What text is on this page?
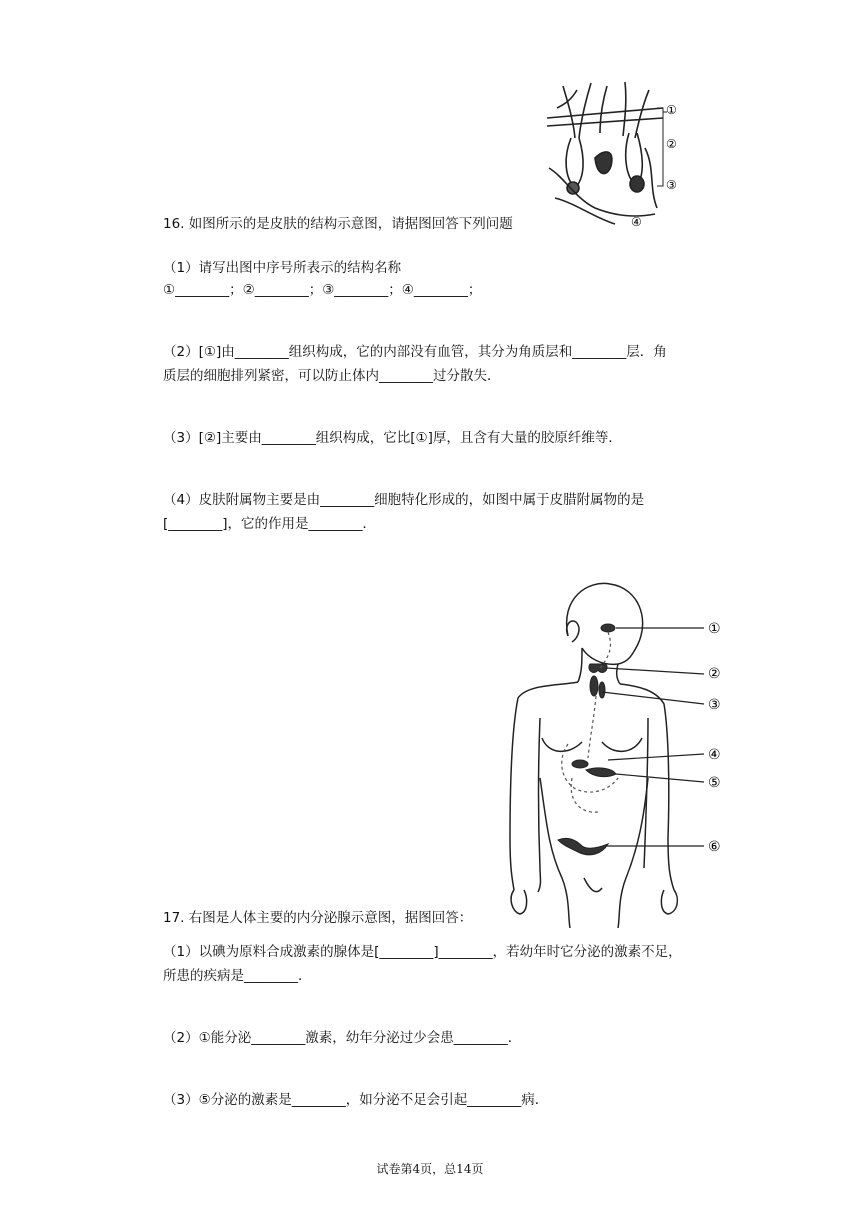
①
②
③
④
16. 如图所示的是皮肤的结构示意图，请据图回答下列问题
（1）请写出图中序号所表示的结构名称
①________；②________；③________；④________；
（2）[①]由________组织构成，它的内部没有血管，其分为角质层和________层．角
质层的细胞排列紧密，可以防止体内________过分散失．
（3）[②]主要由________组织构成，它比[①]厚，且含有大量的胶原纤维等．
（4）皮肤附属物主要是由________细胞特化形成的，如图中属于皮腊附属物的是
[________]，它的作用是________．
①
②
③
④
⑤
⑥
17. 右图是人体主要的内分泌腺示意图，据图回答：
（1）以碘为原料合成激素的腺体是[________]________，若幼年时它分泌的激素不足，
所患的疾病是________．
（2）①能分泌________激素，幼年分泌过少会患________．
（3）⑤分泌的激素是________，如分泌不足会引起________病．
试卷第4页，总14页
